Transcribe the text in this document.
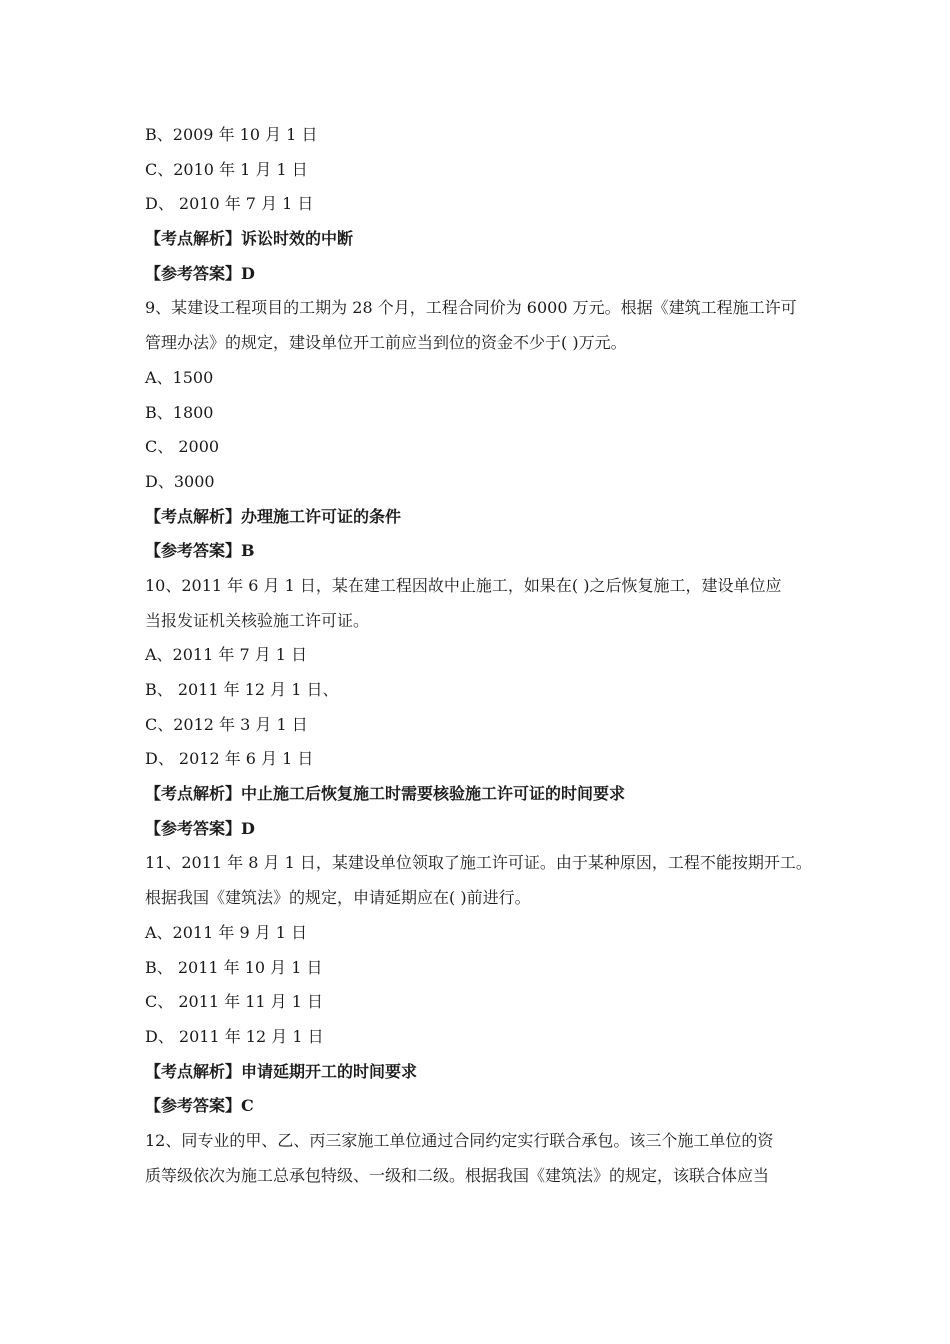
B、2009 年 10 月 1 日
C、2010 年 1 月 1 日
D、 2010 年 7 月 1 日
【考点解析】诉讼时效的中断
【参考答案】D
9、某建设工程项目的工期为 28 个月，工程合同价为 6000 万元。根据《建筑工程施工许可
管理办法》的规定，建设单位开工前应当到位的资金不少于( )万元。
A、1500
B、1800
C、 2000
D、3000
【考点解析】办理施工许可证的条件
【参考答案】B
10、2011 年 6 月 1 日，某在建工程因故中止施工，如果在( )之后恢复施工，建设单位应
当报发证机关核验施工许可证。
A、2011 年 7 月 1 日
B、 2011 年 12 月 1 日、
C、2012 年 3 月 1 日
D、 2012 年 6 月 1 日
【考点解析】中止施工后恢复施工时需要核验施工许可证的时间要求
【参考答案】D
11、2011 年 8 月 1 日，某建设单位领取了施工许可证。由于某种原因，工程不能按期开工。
根据我国《建筑法》的规定，申请延期应在( )前进行。
A、2011 年 9 月 1 日
B、 2011 年 10 月 1 日
C、 2011 年 11 月 1 日
D、 2011 年 12 月 1 日
【考点解析】申请延期开工的时间要求
【参考答案】C
12、同专业的甲、乙、丙三家施工单位通过合同约定实行联合承包。该三个施工单位的资
质等级依次为施工总承包特级、一级和二级。根据我国《建筑法》的规定，该联合体应当
